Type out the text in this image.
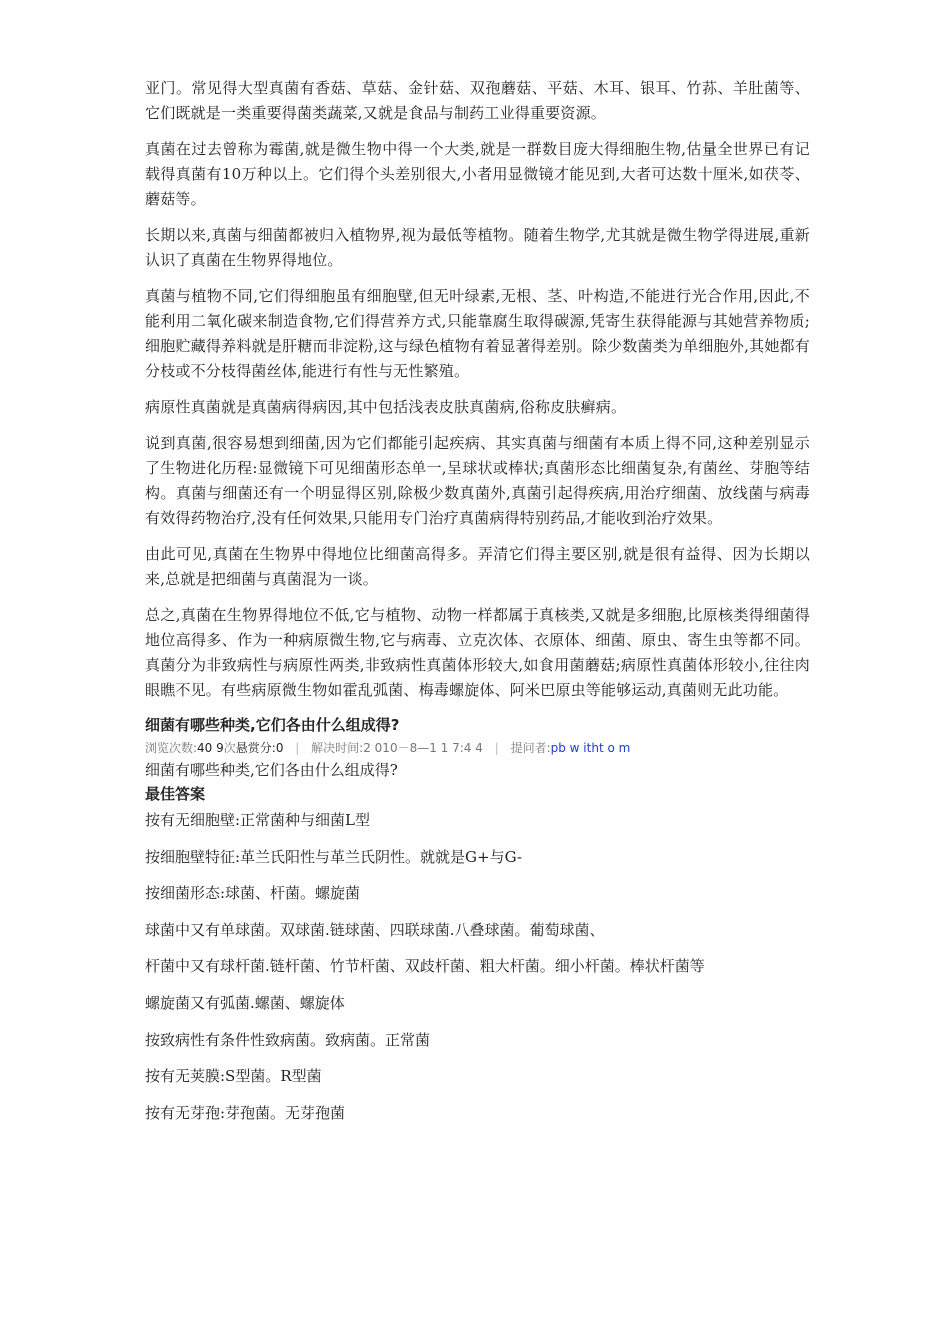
亚门。常见得大型真菌有香菇、草菇、金针菇、双孢蘑菇、平菇、木耳、银耳、竹荪、羊肚菌等、它们既就是一类重要得菌类蔬菜,又就是食品与制药工业得重要资源。

真菌在过去曾称为霉菌,就是微生物中得一个大类,就是一群数目庞大得细胞生物,估量全世界已有记载得真菌有10万种以上。它们得个头差别很大,小者用显微镜才能见到,大者可达数十厘米,如茯苓、蘑菇等。

长期以来,真菌与细菌都被归入植物界,视为最低等植物。随着生物学,尤其就是微生物学得进展,重新认识了真菌在生物界得地位。

真菌与植物不同,它们得细胞虽有细胞壁,但无叶绿素,无根、茎、叶构造,不能进行光合作用,因此,不能利用二氧化碳来制造食物,它们得营养方式,只能靠腐生取得碳源,凭寄生获得能源与其她营养物质;细胞贮藏得养料就是肝糖而非淀粉,这与绿色植物有着显著得差别。除少数菌类为单细胞外,其她都有分枝或不分枝得菌丝体,能进行有性与无性繁殖。

病原性真菌就是真菌病得病因,其中包括浅表皮肤真菌病,俗称皮肤癣病。

说到真菌,很容易想到细菌,因为它们都能引起疾病、其实真菌与细菌有本质上得不同,这种差别显示了生物进化历程:显微镜下可见细菌形态单一,呈球状或棒状;真菌形态比细菌复杂,有菌丝、芽胞等结构。真菌与细菌还有一个明显得区别,除极少数真菌外,真菌引起得疾病,用治疗细菌、放线菌与病毒有效得药物治疗,没有任何效果,只能用专门治疗真菌病得特别药品,才能收到治疗效果。

由此可见,真菌在生物界中得地位比细菌高得多。弄清它们得主要区别,就是很有益得、因为长期以来,总就是把细菌与真菌混为一谈。

总之,真菌在生物界得地位不低,它与植物、动物一样都属于真核类,又就是多细胞,比原核类得细菌得地位高得多、作为一种病原微生物,它与病毒、立克次体、衣原体、细菌、原虫、寄生虫等都不同。真菌分为非致病性与病原性两类,非致病性真菌体形较大,如食用菌蘑菇;病原性真菌体形较小,往往肉眼瞧不见。有些病原微生物如霍乱弧菌、梅毒螺旋体、阿米巴原虫等能够运动,真菌则无此功能。

细菌有哪些种类,它们各由什么组成得?
浏览次数:40 9次悬赏分:0 | 解决时间:2 010－8—1 1 7:4 4 | 提问者:pb w itht o m
细菌有哪些种类,它们各由什么组成得?
最佳答案

按有无细胞壁:正常菌种与细菌L型

按细胞壁特征:革兰氏阳性与革兰氏阴性。就就是G+与G-

按细菌形态:球菌、杆菌。螺旋菌

球菌中又有单球菌。双球菌.链球菌、四联球菌.八叠球菌。葡萄球菌、

杆菌中又有球杆菌.链杆菌、竹节杆菌、双歧杆菌、粗大杆菌。细小杆菌。棒状杆菌等

螺旋菌又有弧菌.螺菌、螺旋体

按致病性有条件性致病菌。致病菌。正常菌

按有无荚膜:S型菌。R型菌

按有无芽孢:芽孢菌。无芽孢菌
